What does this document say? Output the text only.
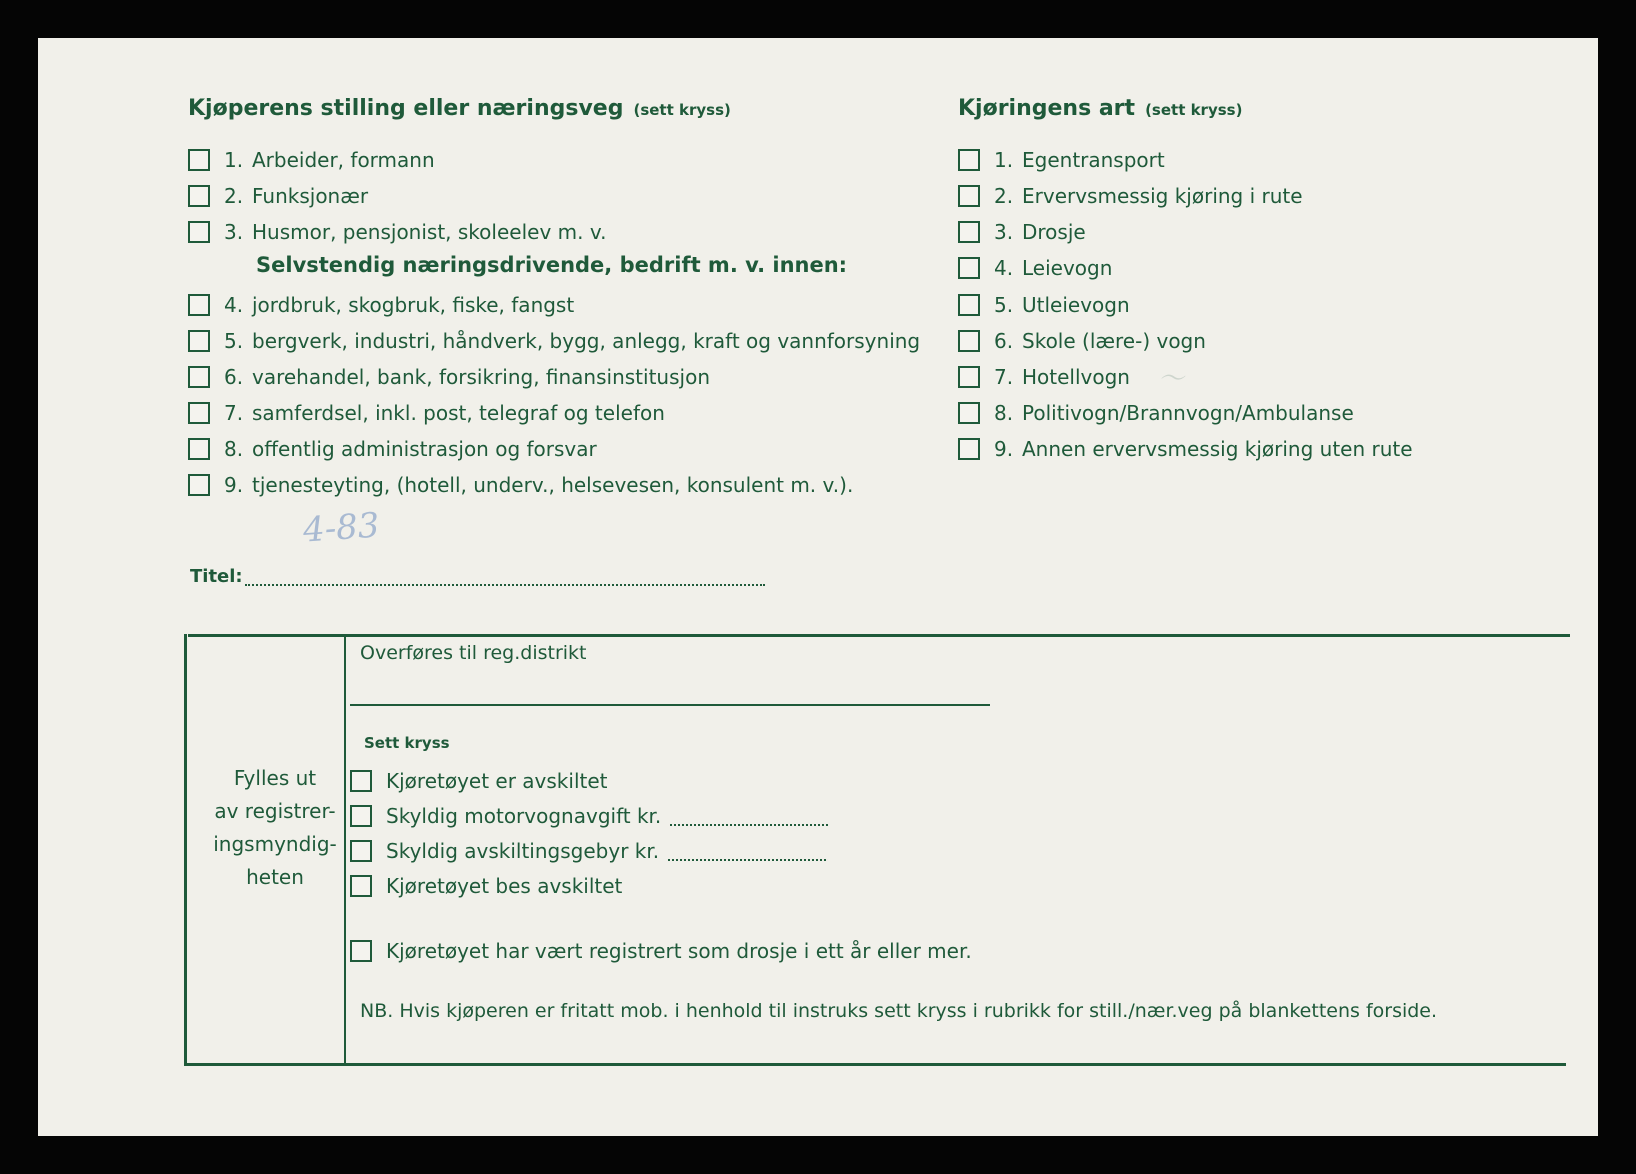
～
Kjøperens stilling eller næringsveg (sett kryss)
1. Arbeider, formann
2. Funksjonær
3. Husmor, pensjonist, skoleelev m. v.
Selvstendig næringsdrivende, bedrift m. v. innen:
4. jordbruk, skogbruk, fiske, fangst
5. bergverk, industri, håndverk, bygg, anlegg, kraft og vannforsyning
6. varehandel, bank, forsikring, finansinstitusjon
7. samferdsel, inkl. post, telegraf og telefon
8. offentlig administrasjon og forsvar
9. tjenesteyting, (hotell, underv., helsevesen, konsulent m. v.).
4-83
Kjøringens art (sett kryss)
1. Egentransport
2. Ervervsmessig kjøring i rute
3. Drosje
4. Leievogn
5. Utleievogn
6. Skole (lære-) vogn
7. Hotellvogn
8. Politivogn/Brannvogn/Ambulanse
9. Annen ervervsmessig kjøring uten rute
Titel:
Fylles ut
av registrer-
ingsmyndig-
heten
Overføres til reg.distrikt
Sett kryss
Kjøretøyet er avskiltet
Skyldig motorvognavgift kr.
Skyldig avskiltingsgebyr kr.
Kjøretøyet bes avskiltet
Kjøretøyet har vært registrert som drosje i ett år eller mer.
NB. Hvis kjøperen er fritatt mob. i henhold til instruks sett kryss i rubrikk for still./nær.veg på blankettens forside.
